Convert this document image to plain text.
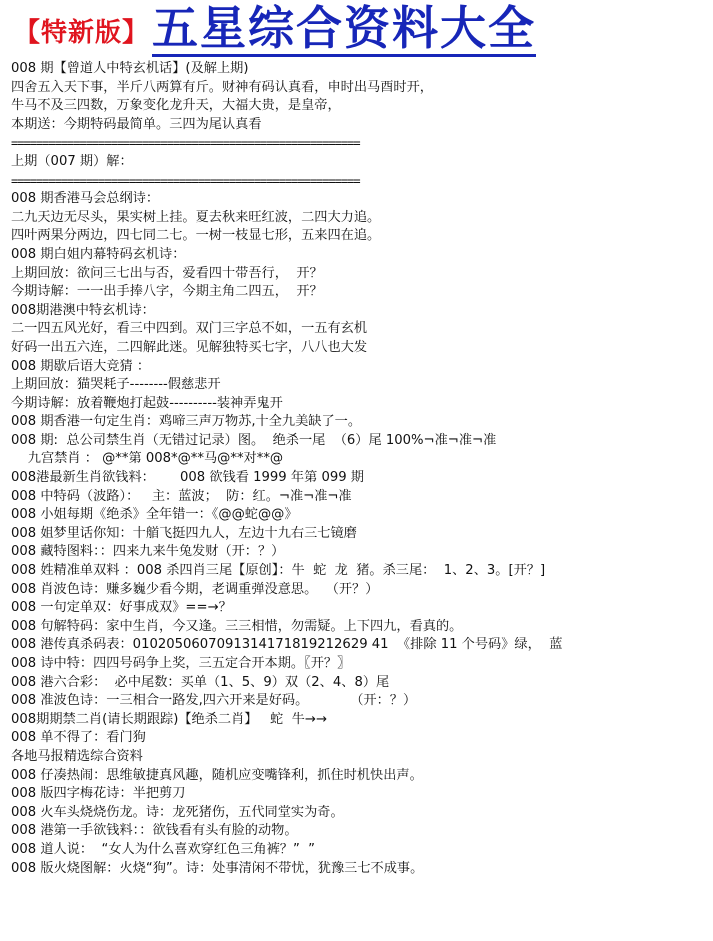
【特新版】 五星综合资料大全
008 期【曾道人中特玄机话】(及解上期)
四舍五入天下事，半斤八两算有斤。财神有码认真看，申时出马酉时开，
牛马不及三四数，万象变化龙升天，大福大贵，是皇帝，
本期送：今期特码最简单。三四为尾认真看
========================================================
上期（007 期）解：
========================================================
008 期香港马会总纲诗：
二九天边无尽头，果实树上挂。夏去秋来旺红波，二四大力追。
四叶两果分两边，四七同二七。一树一枝显七形，五来四在追。
008 期白姐内幕特码玄机诗：
上期回放：欲问三七出与否，爱看四十带吾行，  开？
今期诗解：一一出手捧八字，今期主角二四五，  开？
008期港澳中特玄机诗：
二一四五风光好，看三中四到。双门三字总不如，一五有玄机
好码一出五六连，二四解此迷。见解独特买七字，八八也大发
008 期歇后语大竞猜 ：
上期回放：猫哭耗子--------假慈悲开
今期诗解：放着鞭炮打起鼓----------装神弄鬼开
008 期香港一句定生肖：鸡啼三声万物苏,十全九美缺了一。
008 期:  总公司禁生肖（无错过记录）图。  绝杀一尾  （6）尾 100%¬准¬准¬准
九宫禁肖 ： @**第 008*@**马@**对**@
008港最新生肖欲钱料：      008 欲钱看 1999 年第 099 期
008 中特码（波路）：   主：蓝波；  防：红。¬准¬准¬准
008 小姐每期《绝杀》全年错一：《@@蛇@@》
008 姐梦里话你知：十艏飞挺四九人，左边十九右三七镜磨
008 藏特图料：：四来九来牛兔发财（开：？）
008 姓精准单双料 ：008 杀四肖三尾【原创】：牛  蛇  龙  猪。杀三尾：  1、2、3。[开？]
008 肖波色诗：赚多巍少看今期，老调重弹没意思。  （开？）
008 一句定单双：好事成双》==→？
008 句解特码：家中生肖，今又逢。三三相惜，勿需疑。上下四九，看真的。
008 港传真杀码表：0102050607091314171819212629 41  《排除 11 个号码》绿，  蓝
008 诗中特：四四号码争上奖，三五定合开本期。〖开？〗
008 港六合彩：  必中尾数：买单（1、5、9）双（2、4、8）尾
008 准波色诗：一三相合一路发,四六开来是好码。          （开：？）
008期期禁二肖(请长期跟踪)【绝杀二肖】   蛇  牛→→
008 单不得了：看门狗
各地马报精选综合资料
008 仔凑热闹：思维敏捷真风趣，随机应变嘴锋利，抓住时机快出声。
008 版四字梅花诗：半把剪刀
008 火车头烧烧伤龙。诗：龙死猪伤，五代同堂实为奇。
008 港第一手欲钱料：：欲钱看有头有脸的动物。
008 道人说：  “女人为什么喜欢穿红色三角裤？”  ”
008 版火烧图解：火烧“狗”。诗：处事清闲不带忧，犹豫三七不成事。
